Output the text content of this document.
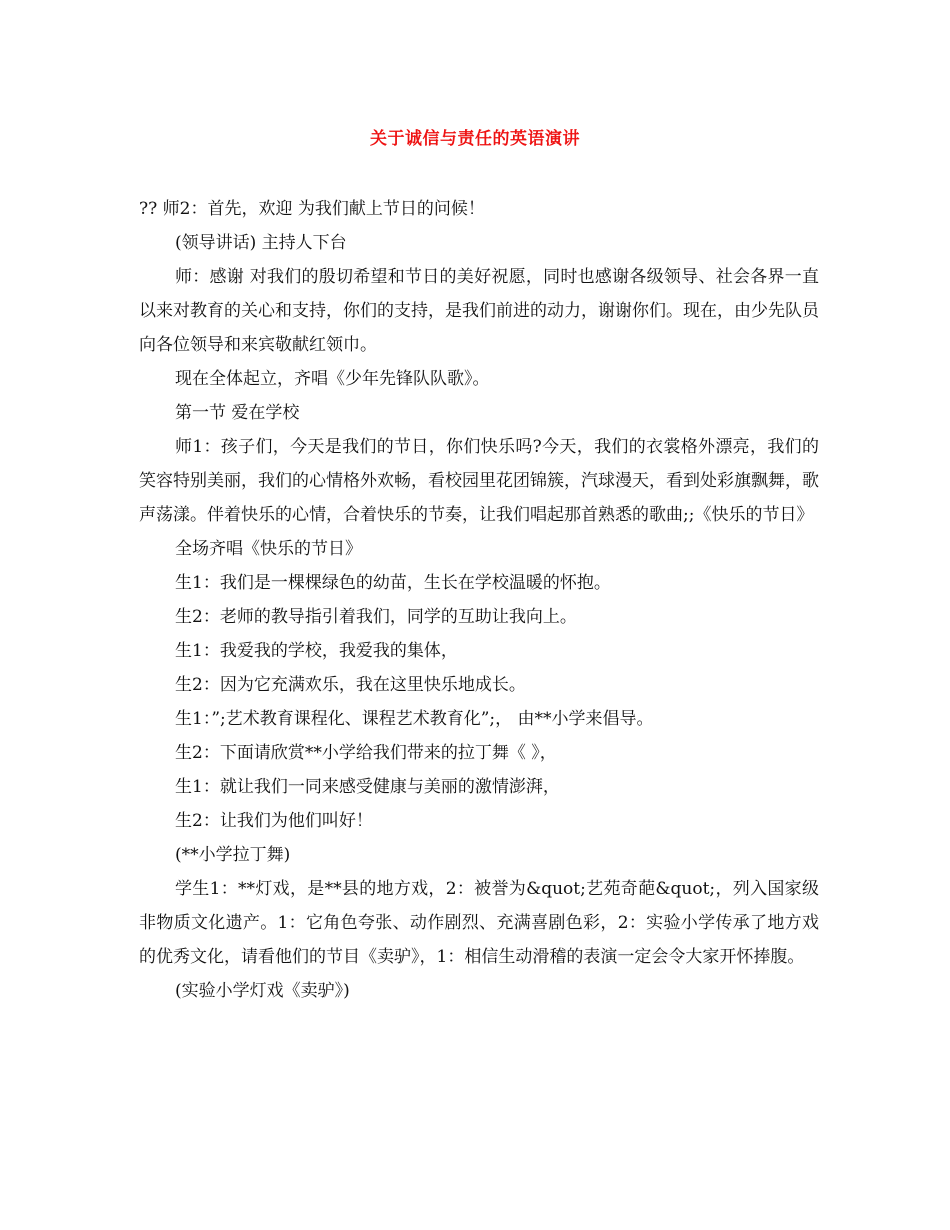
关于诚信与责任的英语演讲

?? 师2：首先，欢迎 为我们献上节日的问候！

(领导讲话) 主持人下台

师：感谢 对我们的殷切希望和节日的美好祝愿，同时也感谢各级领导、社会各界一直以来对教育的关心和支持，你们的支持，是我们前进的动力，谢谢你们。现在，由少先队员向各位领导和来宾敬献红领巾。

现在全体起立，齐唱《少年先锋队队歌》。

第一节 爱在学校

师1：孩子们，今天是我们的节日，你们快乐吗?今天，我们的衣裳格外漂亮，我们的笑容特别美丽，我们的心情格外欢畅，看校园里花团锦簇，汽球漫天，看到处彩旗飘舞，歌声荡漾。伴着快乐的心情，合着快乐的节奏，让我们唱起那首熟悉的歌曲;;《快乐的节日》

全场齐唱《快乐的节日》

生1：我们是一棵棵绿色的幼苗，生长在学校温暖的怀抱。

生2：老师的教导指引着我们，同学的互助让我向上。

生1：我爱我的学校，我爱我的集体，

生2：因为它充满欢乐，我在这里快乐地成长。

生1：”;艺术教育课程化、课程艺术教育化”;， 由**小学来倡导。

生2：下面请欣赏**小学给我们带来的拉丁舞《 》，

生1：就让我们一同来感受健康与美丽的激情澎湃，

生2：让我们为他们叫好！

(**小学拉丁舞)

学生1：**灯戏，是**县的地方戏，2：被誉为&quot;艺苑奇葩&quot;，列入国家级非物质文化遗产。1：它角色夸张、动作剧烈、充满喜剧色彩，2：实验小学传承了地方戏的优秀文化，请看他们的节目《卖驴》，1：相信生动滑稽的表演一定会令大家开怀捧腹。

(实验小学灯戏《卖驴》)
